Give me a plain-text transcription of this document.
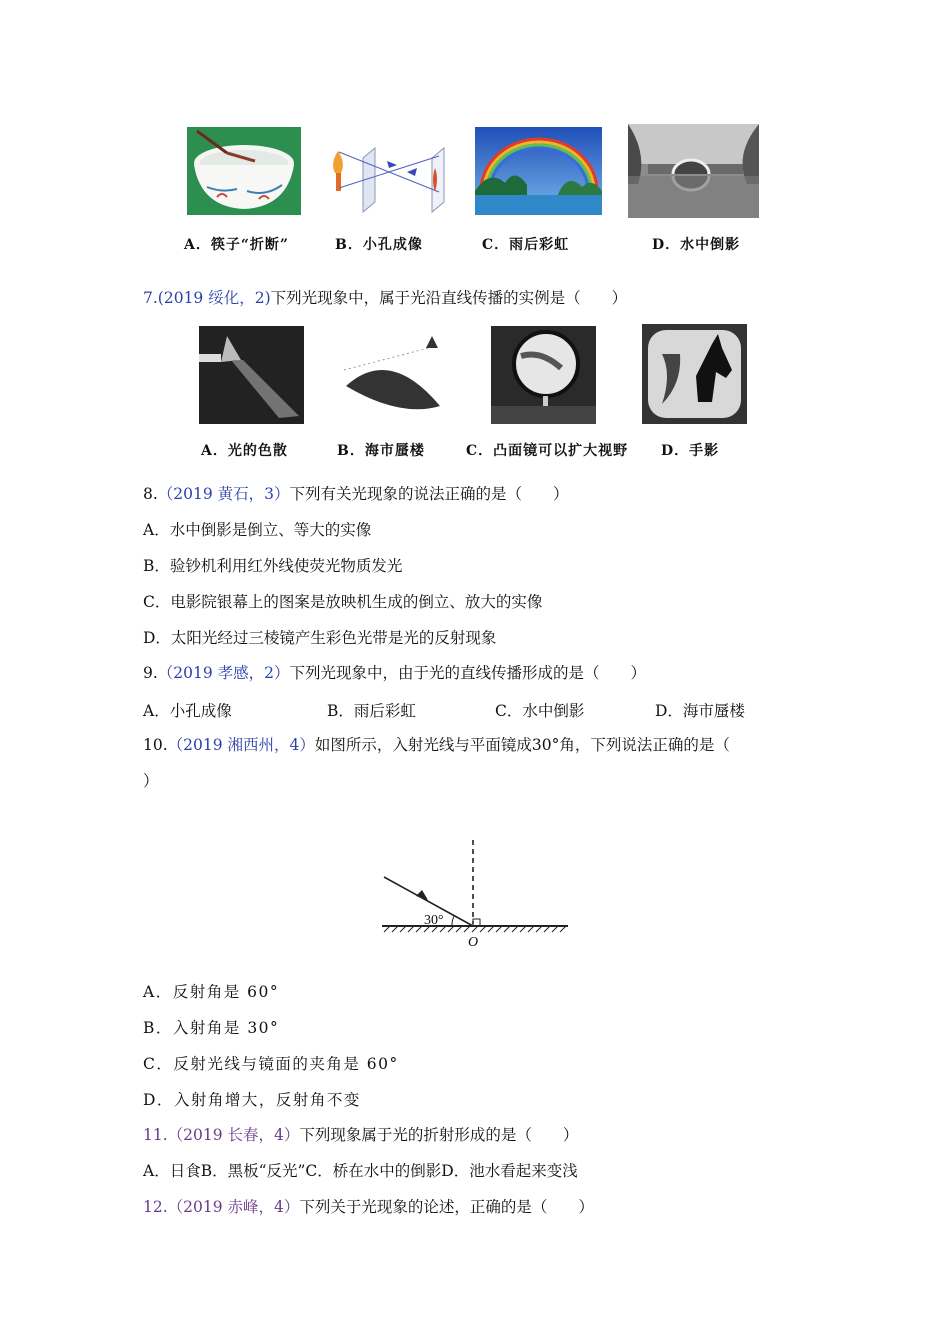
A．筷子“折断”	B．小孔成像	C．雨后彩虹	D．水中倒影
7.(2019 绥化，2)下列光现象中，属于光沿直线传播的实例是（　　）
A．光的色散	B．海市蜃楼	C．凸面镜可以扩大视野 D．手影
8.（2019 黄石，3）下列有关光现象的说法正确的是（　　）
A．水中倒影是倒立、等大的实像
B．验钞机利用红外线使荧光物质发光
C．电影院银幕上的图案是放映机生成的倒立、放大的实像
D．太阳光经过三棱镜产生彩色光带是光的反射现象
9.（2019 孝感，2）下列光现象中，由于光的直线传播形成的是（　　）
A．小孔成像	B．雨后彩虹	C．水中倒影	D．海市蜃楼
10.（2019 湘西州，4）如图所示，入射光线与平面镜成30°角，下列说法正确的是（
）
30°
O
A．反射角是 60°
B．入射角是 30°
C．反射光线与镜面的夹角是 60°
D．入射角增大，反射角不变
11.（2019 长春，4）下列现象属于光的折射形成的是（　　）
A．日食B．黑板“反光”C．桥在水中的倒影D．池水看起来变浅
12.（2019 赤峰，4）下列关于光现象的论述，正确的是（　　）
